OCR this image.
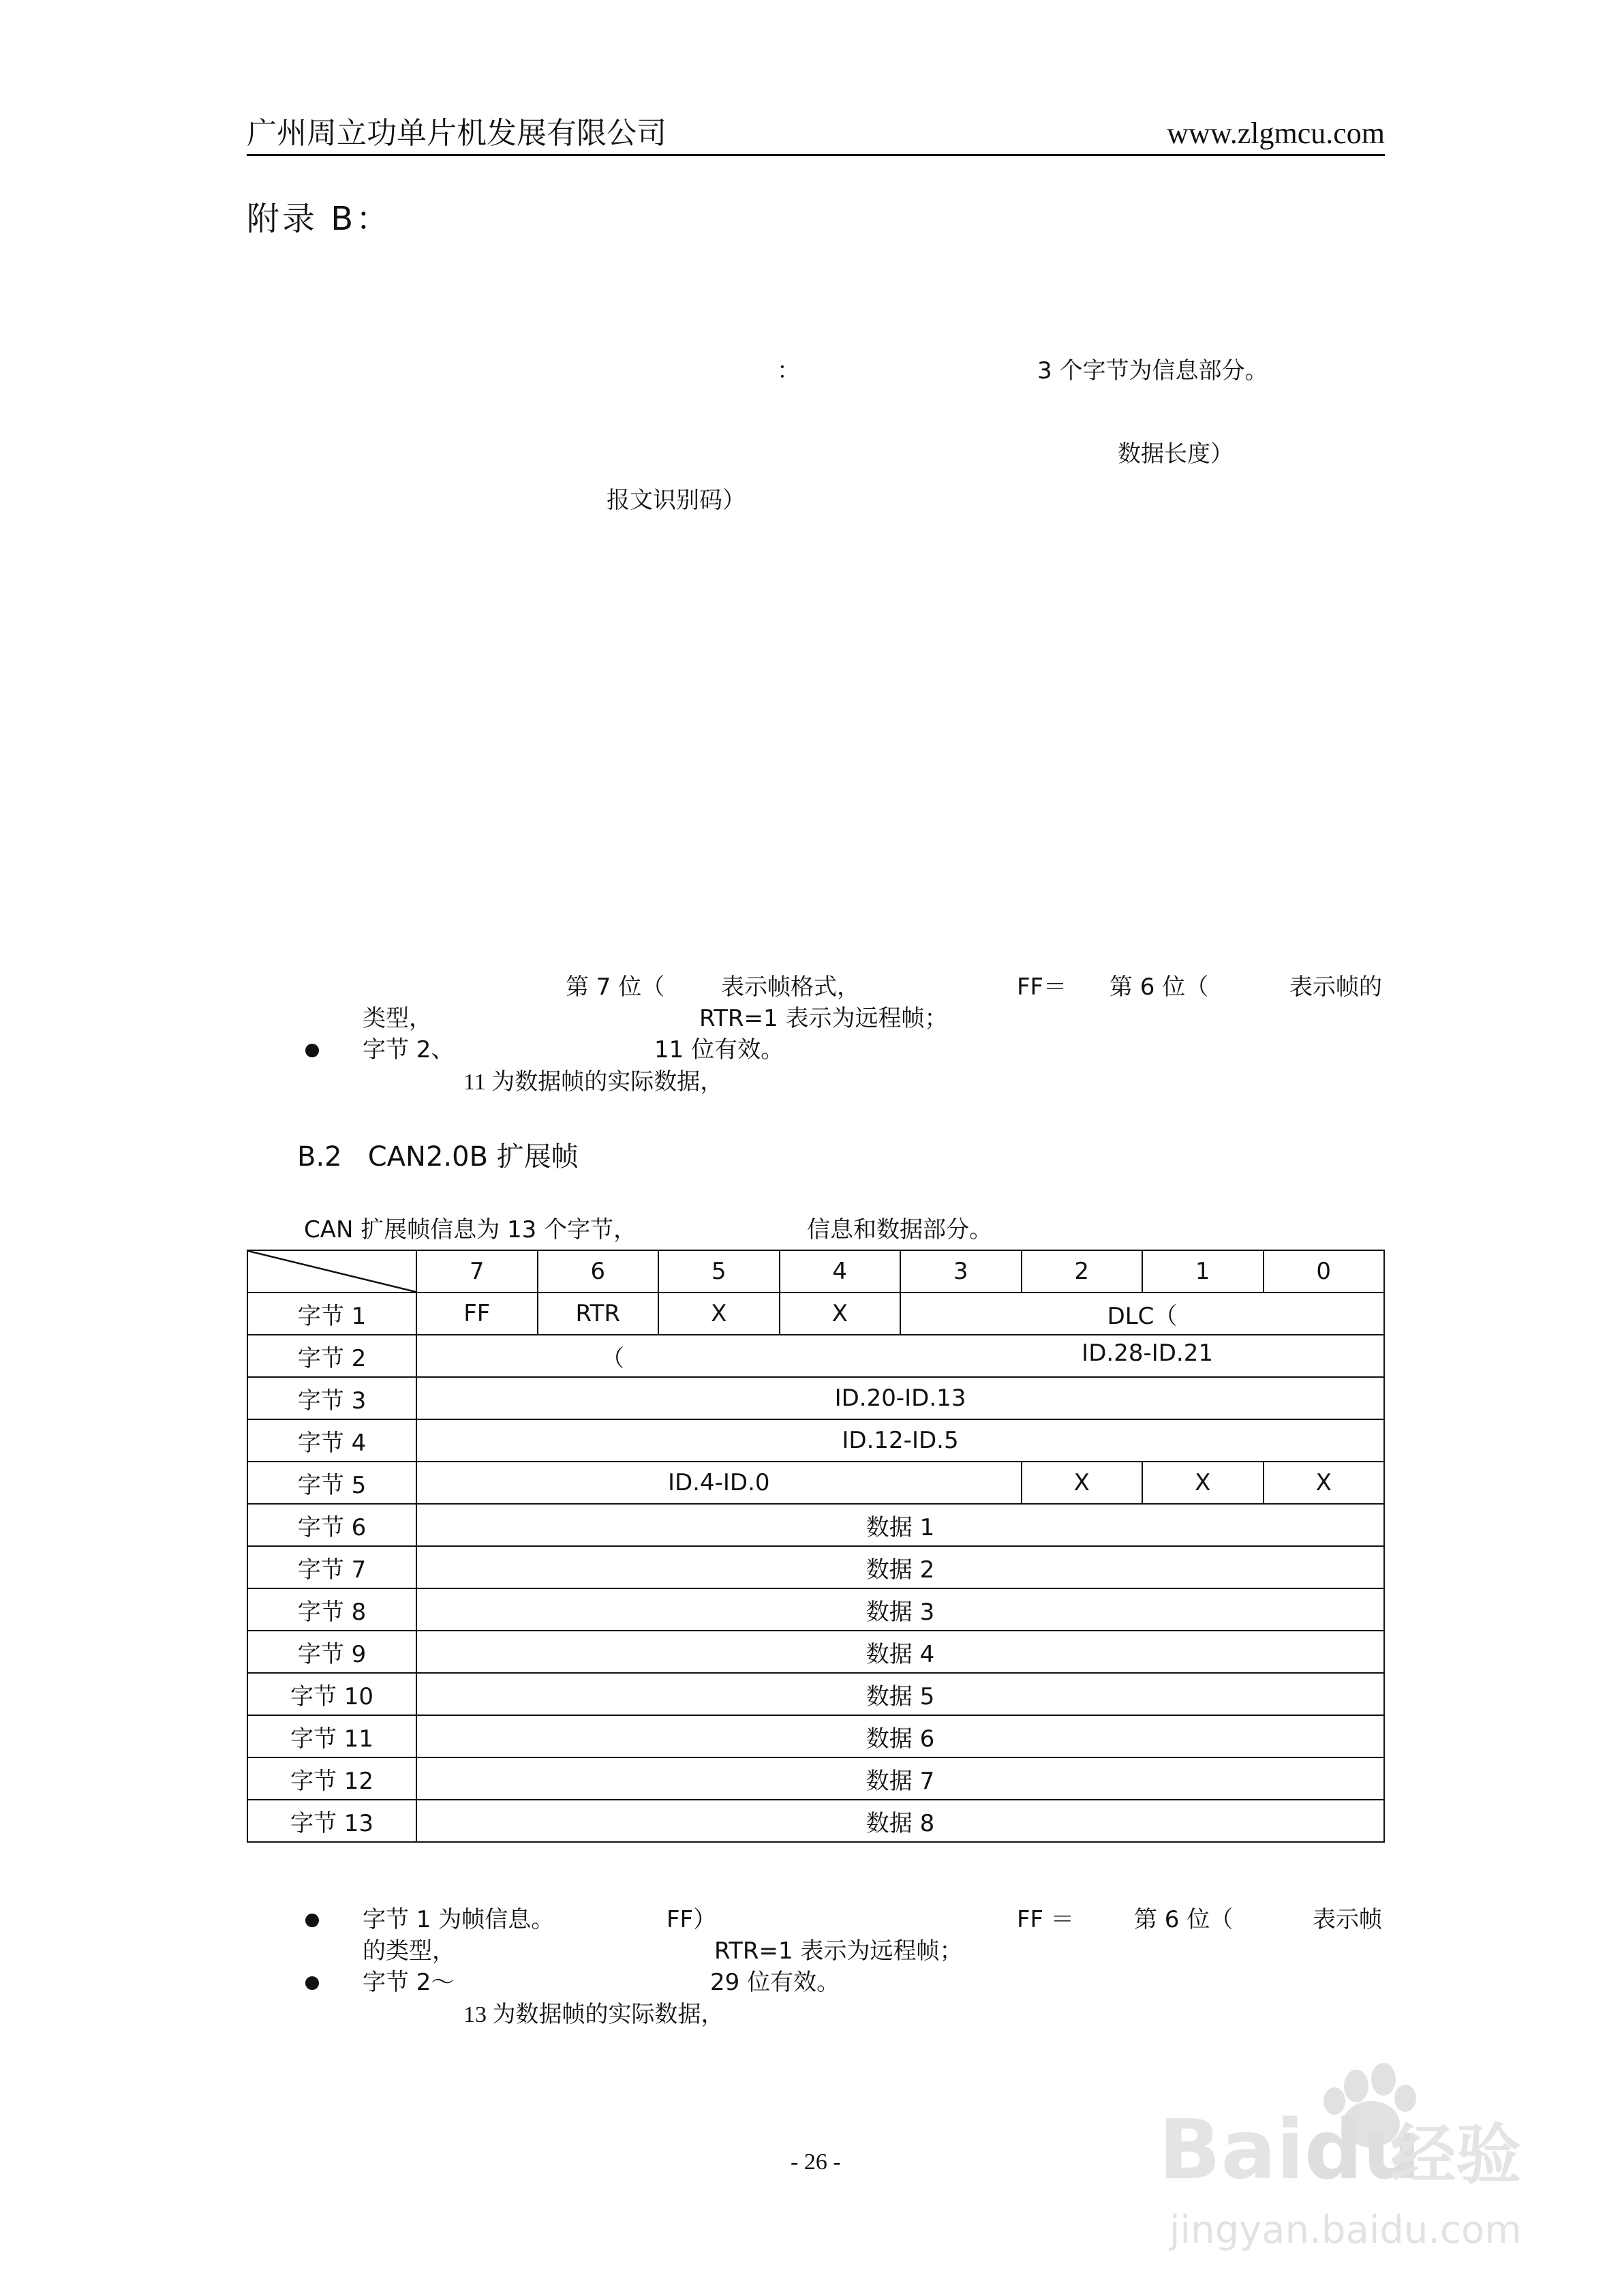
广州周立功单片机发展有限公司	www.zlgmcu.com
附录 B：
：	3 个字节为信息部分。
数据长度）
报文识别码）
第 7 位（ 表示帧格式，	FF＝ 第 6 位（	表示帧的
类型，	RTR=1 表示为远程帧；
字节 2、	11 位有效。
11 为数据帧的实际数据，
B.2   CAN2.0B 扩展帧
CAN 扩展帧信息为 13 个字节，	信息和数据部分。
	7	6	5	4	3	2	1	0
字节 1	FF	RTR	X	X	DLC（			
字节 2	（ ID.28-ID.21							

字节 3	ID.20-ID.13							
字节 4	ID.12-ID.5							
字节 5	ID.4-ID.0					X	X	X
字节 6	数据 1							
字节 7	数据 2							
字节 8	数据 3							
字节 9	数据 4							
字节 10	数据 5							
字节 11	数据 6							
字节 12	数据 7							
字节 13	数据 8							
字节 1 为帧信息。	FF）	FF ＝	第 6 位（	表示帧
的类型，	RTR=1 表示为远程帧；
字节 2～	29 位有效。
13 为数据帧的实际数据，
- 26 -	Baidu
经验
jingyan.baidu.com
